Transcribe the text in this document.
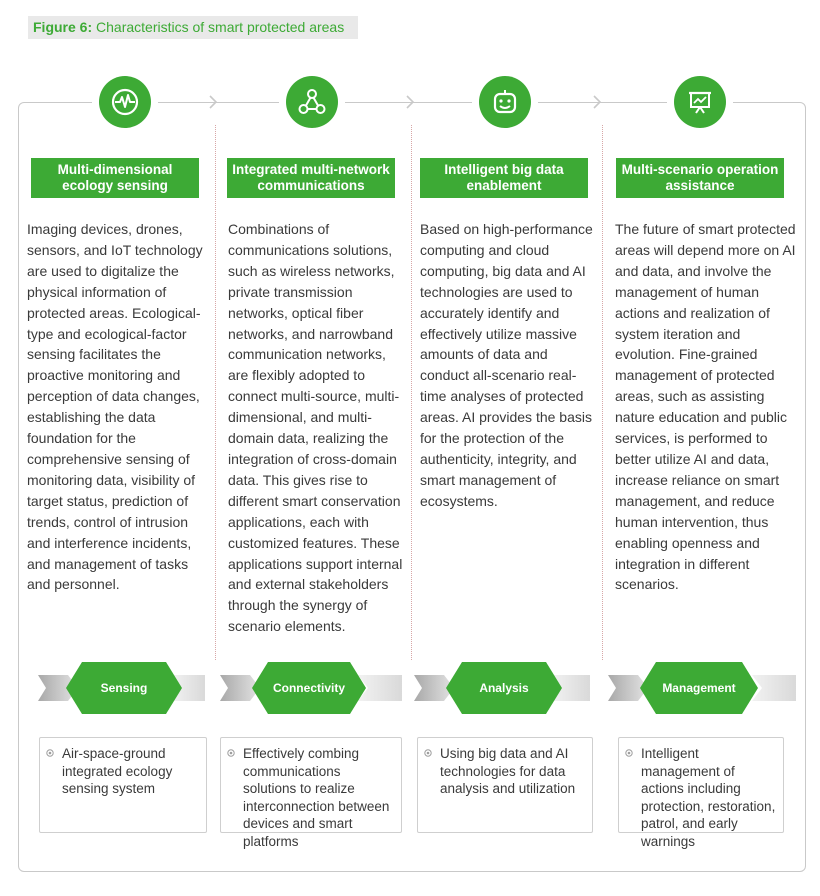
Figure 6: Characteristics of smart protected areas
Multi-dimensional ecology sensing
Integrated multi-network communications
Intelligent big data enablement
Multi-scenario operation assistance
Imaging devices, drones, sensors, and IoT technology are used to digitalize the physical information of protected areas. Ecological-type and ecological-factor sensing facilitates the proactive monitoring and perception of data changes, establishing the data foundation for the comprehensive sensing of monitoring data, visibility of target status, prediction of trends, control of intrusion and interference incidents, and management of tasks and personnel.
Combinations of communications solutions, such as wireless networks, private transmission networks, optical fiber networks, and narrowband communication networks, are flexibly adopted to connect multi-source, multi-dimensional, and multi-domain data, realizing the integration of cross-domain data. This gives rise to different smart conservation applications, each with customized features. These applications support internal and external stakeholders through the synergy of scenario elements.
Based on high-performance computing and cloud computing, big data and AI technologies are used to accurately identify and effectively utilize massive amounts of data and conduct all-scenario real-time analyses of protected areas. AI provides the basis for the protection of the authenticity, integrity, and smart management of ecosystems.
The future of smart protected areas will depend more on AI and data, and involve the management of human actions and realization of system iteration and evolution. Fine-grained management of protected areas, such as assisting nature education and public services, is performed to better utilize AI and data, increase reliance on smart management, and reduce human intervention, thus enabling openness and integration in different scenarios.
Sensing	Connectivity	Analysis	Management
Air-space-ground integrated ecology sensing system
Effectively combing communications solutions to realize interconnection between devices and smart platforms
Using big data and AI technologies for data analysis and utilization
Intelligent management of actions including protection, restoration, patrol, and early warnings
